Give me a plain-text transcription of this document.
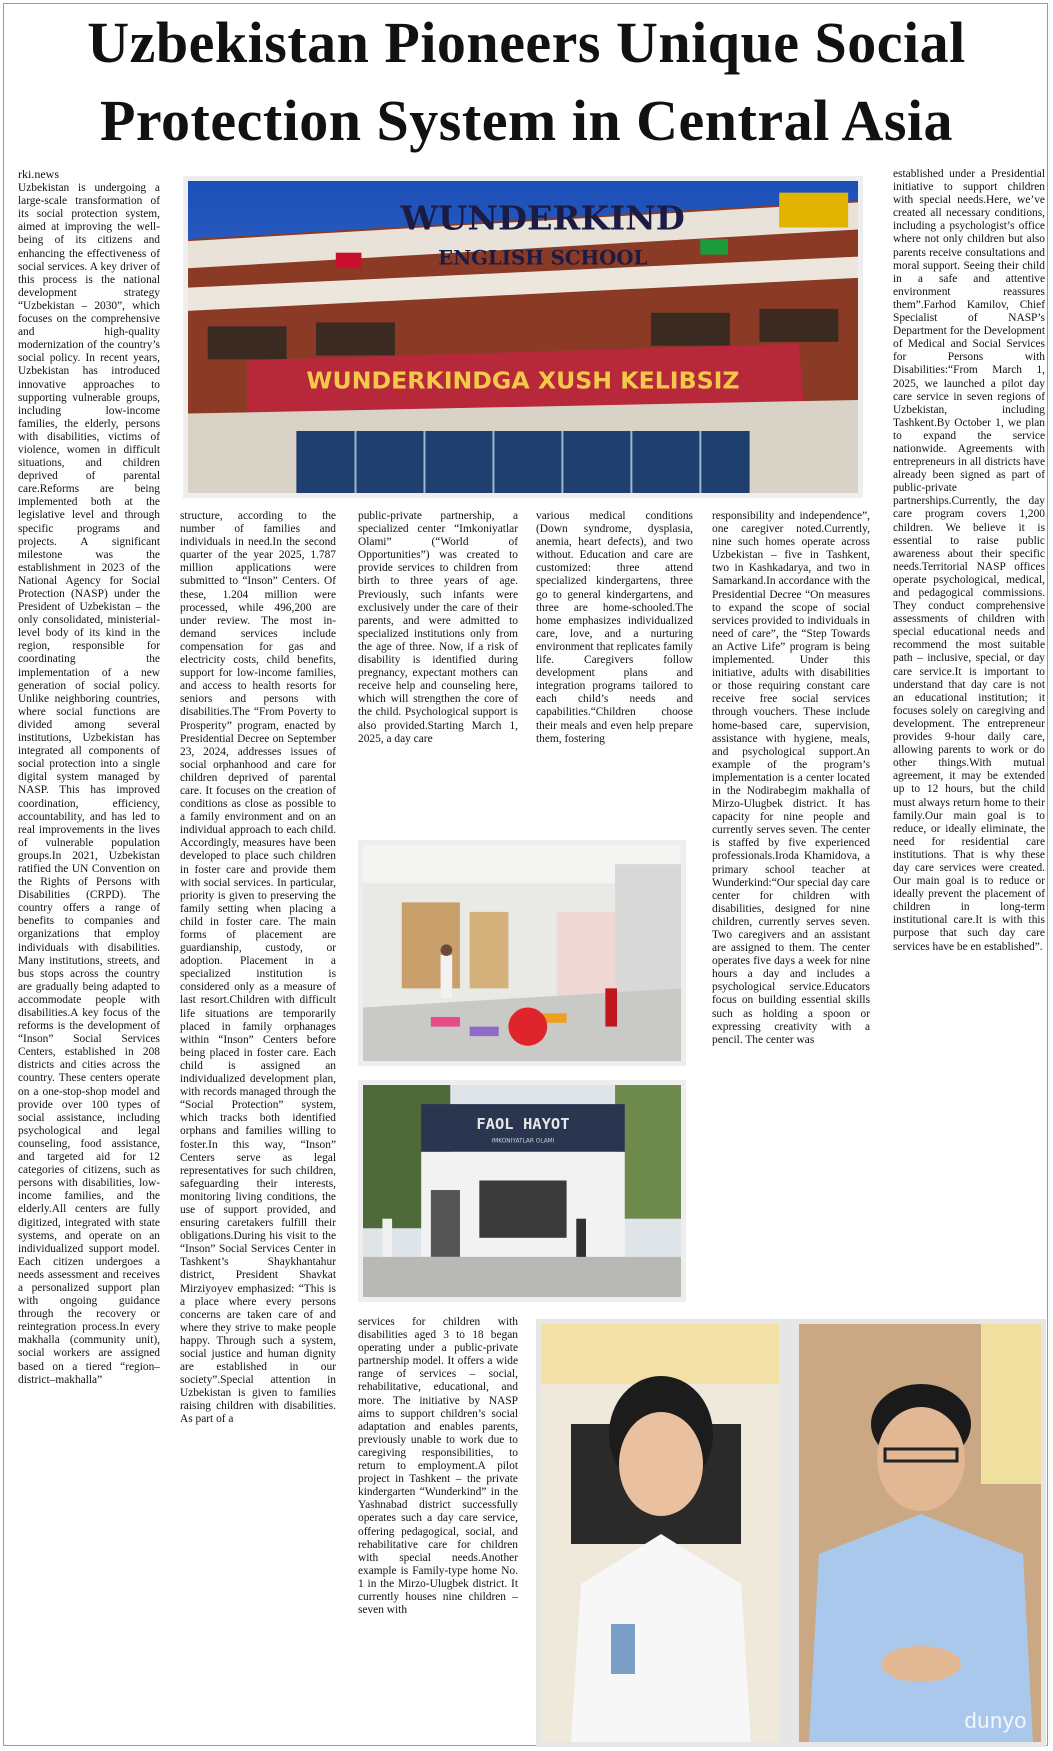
Uzbekistan Pioneers Unique Social
Protection System in Central Asia
rki.news

Uzbekistan is undergoing a large-scale transformation of its social protection system, aimed at improving the well-being of its citizens and enhancing the effectiveness of social services. A key driver of this process is the national development strategy “Uzbekistan – 2030”, which focuses on the comprehensive and high-quality modernization of the country’s social policy. In recent years, Uzbekistan has introduced innovative approaches to supporting vulnerable groups, including low-income families, the elderly, persons with disabilities, victims of violence, women in difficult situations, and children deprived of parental care.Reforms are being implemented both at the legislative level and through specific programs and projects. A significant milestone was the establishment in 2023 of the National Agency for Social Protection (NASP) under the President of Uzbekistan – the only consolidated, ministerial-level body of its kind in the region, responsible for coordinating the implementation of a new generation of social policy. Unlike neighboring countries, where social functions are divided among several institutions, Uzbekistan has integrated all components of social protection into a single digital system managed by NASP. This has improved coordination, efficiency, accountability, and has led to real improvements in the lives of vulnerable population groups.In 2021, Uzbekistan ratified the UN Convention on the Rights of Persons with Disabilities (CRPD). The country offers a range of benefits to companies and organizations that employ individuals with disabilities. Many institutions, streets, and bus stops across the country are gradually being adapted to accommodate people with disabilities.A key focus of the reforms is the development of “Inson” Social Services Centers, established in 208 districts and cities across the country. These centers operate on a one-stop-shop model and provide over 100 types of social assistance, including psychological and legal counseling, food assistance, and targeted aid for 12 categories of citizens, such as persons with disabilities, low-income families, and the elderly.All centers are fully digitized, integrated with state systems, and operate on an individualized support model. Each citizen undergoes a needs assessment and receives a personalized support plan with ongoing guidance through the recovery or reintegration process.In every makhalla (community unit), social workers are assigned based on a tiered “region–district–makhalla”

WUNDERKIND
ENGLISH SCHOOL
WUNDERKINDGA XUSH KELIBSIZ

structure, according to the number of families and individuals in need.In the second quarter of the year 2025, 1.787 million applications were submitted to “Inson” Centers. Of these, 1.204 million were processed, while 496,200 are under review. The most in-demand services include compensation for gas and electricity costs, child benefits, support for low-income families, and access to health resorts for seniors and persons with disabilities.The “From Poverty to Prosperity” program, enacted by Presidential Decree on September 23, 2024, addresses issues of social orphanhood and care for children deprived of parental care. It focuses on the creation of conditions as close as possible to a family environment and on an individual approach to each child. Accordingly, measures have been developed to place such children in foster care and provide them with social services. In particular, priority is given to preserving the family setting when placing a child in foster care. The main forms of placement are guardianship, custody, or adoption. Placement in a specialized institution is considered only as a measure of last resort.Children with difficult life situations are temporarily placed in family orphanages within “Inson” Centers before being placed in foster care. Each child is assigned an individualized development plan, with records managed through the “Social Protection” system, which tracks both identified orphans and families willing to foster.In this way, “Inson” Centers serve as legal representatives for such children, safeguarding their interests, monitoring living conditions, the use of support provided, and ensuring caretakers fulfill their obligations.During his visit to the “Inson” Social Services Center in Tashkent’s Shaykhantahur district, President Shavkat Mirziyoyev emphasized: “This is a place where every persons concerns are taken care of and where they strive to make people happy. Through such a system, social justice and human dignity are established in our society”.Special attention in Uzbekistan is given to families raising children with disabilities. As part of a

public-private partnership, a specialized center “Imkoniyatlar Olami” (“World of Opportunities”) was created to provide services to children from birth to three years of age. Previously, such infants were exclusively under the care of their parents, and were admitted to specialized institutions only from the age of three. Now, if a risk of disability is identified during pregnancy, expectant mothers can receive help and counseling here, which will strengthen the core of the child. Psychological support is also provided.Starting March 1, 2025, a day care

various medical conditions (Down syndrome, dysplasia, anemia, heart defects), and two without. Education and care are customized: three attend specialized kindergartens, three go to general kindergartens, and three are home-schooled.The home emphasizes individualized care, love, and a nurturing environment that replicates family life. Caregivers follow development plans and integration programs tailored to each child’s needs and capabilities.“Children choose their meals and even help prepare them, fostering

FAOL HAYOT
IMKONIYATLAR OLAMI

responsibility and independence”, one caregiver noted.Currently, nine such homes operate across Uzbekistan – five in Tashkent, two in Kashkadarya, and two in Samarkand.In accordance with the Presidential Decree “On measures to expand the scope of social services provided to individuals in need of care”, the “Step Towards an Active Life” program is being implemented. Under this initiative, adults with disabilities or those requiring constant care receive free social services through vouchers. These include home-based care, supervision, assistance with hygiene, meals, and psychological support.An example of the program’s implementation is a center located in the Nodirabegim makhalla of Mirzo-Ulugbek district. It has capacity for nine people and currently serves seven. The center is staffed by five experienced professionals.Iroda Khamidova, a primary school teacher at Wunderkind:“Our special day care center for children with disabilities, designed for nine children, currently serves seven. Two caregivers and an assistant are assigned to them. The center operates five days a week for nine hours a day and includes a psychological service.Educators focus on building essential skills such as holding a spoon or expressing creativity with a pencil. The center was

established under a Presidential initiative to support children with special needs.Here, we’ve created all necessary conditions, including a psychologist’s office where not only children but also parents receive consultations and moral support. Seeing their child in a safe and attentive environment reassures them”.Farhod Kamilov, Chief Specialist of NASP’s Department for the Development of Medical and Social Services for Persons with Disabilities:“From March 1, 2025, we launched a pilot day care service in seven regions of Uzbekistan, including Tashkent.By October 1, we plan to expand the service nationwide. Agreements with entrepreneurs in all districts have already been signed as part of public-private partnerships.Currently, the day care program covers 1,200 children. We believe it is essential to raise public awareness about their specific needs.Territorial NASP offices operate psychological, medical, and pedagogical commissions. They conduct comprehensive assessments of children with special educational needs and recommend the most suitable path – inclusive, special, or day care service.It is important to understand that day care is not an educational institution; it focuses solely on caregiving and development. The entrepreneur provides 9-hour daily care, allowing parents to work or do other things.With mutual agreement, it may be extended up to 12 hours, but the child must always return home to their family.Our main goal is to reduce, or ideally eliminate, the need for residential care institutions. That is why these day care services were created. Our main goal is to reduce or ideally prevent the placement of children in long-term institutional care.It is with this purpose that such day care services have be en established”.

services for children with disabilities aged 3 to 18 began operating under a public-private partnership model. It offers a wide range of services – social, rehabilitative, educational, and more. The initiative by NASP aims to support children’s social adaptation and enables parents, previously unable to work due to caregiving responsibilities, to return to employment.A pilot project in Tashkent – the private kindergarten “Wunderkind” in the Yashnabad district successfully operates such a day care service, offering pedagogical, social, and rehabilitative care for children with special needs.Another example is Family-type home No. 1 in the Mirzo-Ulugbek district. It currently houses nine children – seven with

dunyo
